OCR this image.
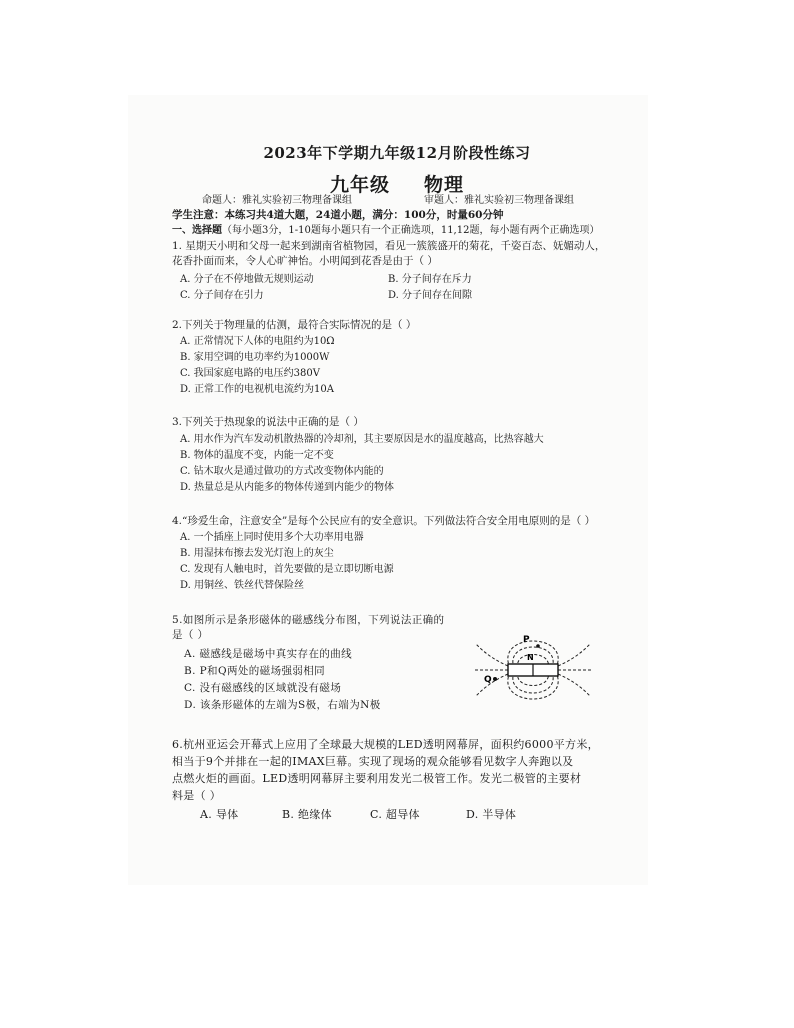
2023年下学期九年级12月阶段性练习
九年级 物理
命题人：雅礼实验初三物理备课组	审题人：雅礼实验初三物理备课组
学生注意：本练习共4道大题，24道小题，满分：100分，时量60分钟
一、选择题（每小题3分，1-10题每小题只有一个正确选项，11,12题，每小题有两个正确选项）
1. 星期天小明和父母一起来到湖南省植物园，看见一簇簇盛开的菊花，千姿百态、妩媚动人，
花香扑面而来，令人心旷神怡。小明闻到花香是由于（ ）
A. 分子在不停地做无规则运动	B. 分子间存在斥力
C. 分子间存在引力	D. 分子间存在间隙
2.下列关于物理量的估测，最符合实际情况的是（ ）
A. 正常情况下人体的电阻约为10Ω
B. 家用空调的电功率约为1000W
C. 我国家庭电路的电压约380V
D. 正常工作的电视机电流约为10A
3.下列关于热现象的说法中正确的是（ ）
A. 用水作为汽车发动机散热器的冷却剂，其主要原因是水的温度越高，比热容越大
B. 物体的温度不变，内能一定不变
C. 钻木取火是通过做功的方式改变物体内能的
D. 热量总是从内能多的物体传递到内能少的物体
4.“珍爱生命，注意安全”是每个公民应有的安全意识。下列做法符合安全用电原则的是（ ）
A. 一个插座上同时使用多个大功率用电器
B. 用湿抹布擦去发光灯泡上的灰尘
C. 发现有人触电时，首先要做的是立即切断电源
D. 用铜丝、铁丝代替保险丝
5.如图所示是条形磁体的磁感线分布图，下列说法正确的
是（ ）
A. 磁感线是磁场中真实存在的曲线
B. P和Q两处的磁场强弱相同
C. 没有磁感线的区域就没有磁场
D. 该条形磁体的左端为S极，右端为N极
P
Q
N
6.杭州亚运会开幕式上应用了全球最大规模的LED透明网幕屏，面积约6000平方米，
相当于9个并排在一起的IMAX巨幕。实现了现场的观众能够看见数字人奔跑以及
点燃火炬的画面。LED透明网幕屏主要利用发光二极管工作。发光二极管的主要材
料是（ ）
A. 导体	B. 绝缘体	C. 超导体	D. 半导体
